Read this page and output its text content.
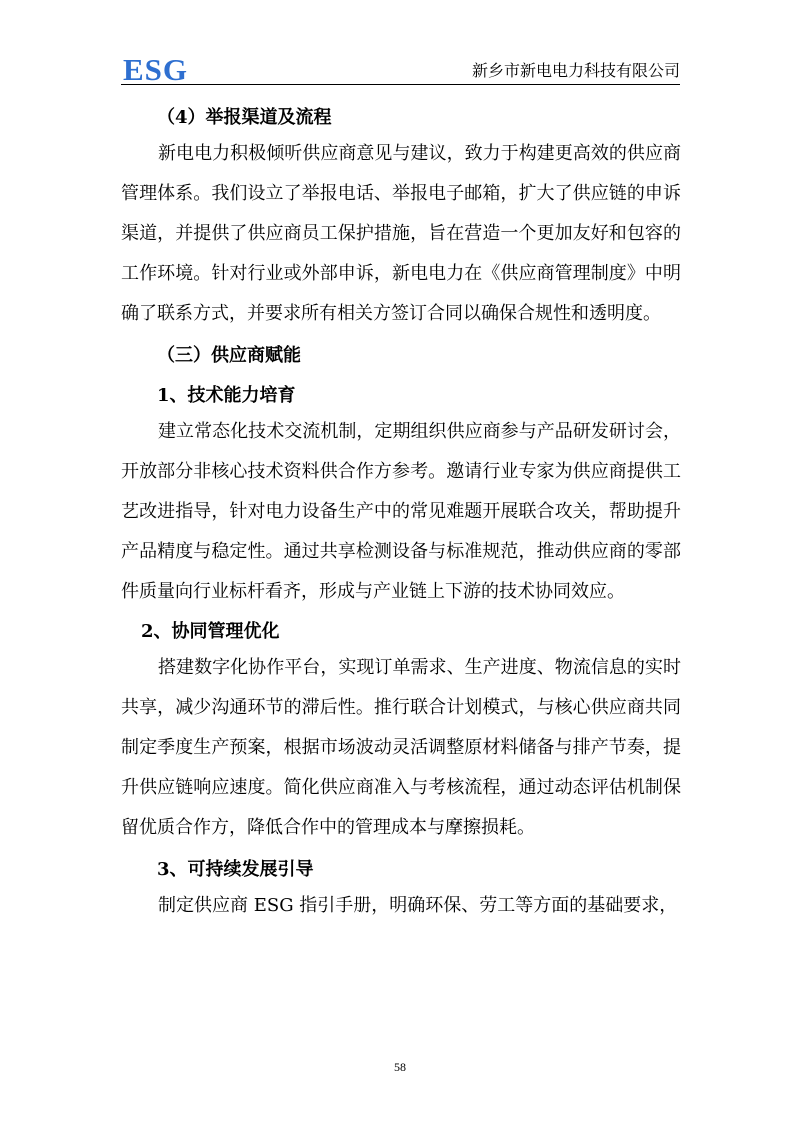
ESG	新乡市新电电力科技有限公司
（4）举报渠道及流程

新电电力积极倾听供应商意见与建议，致力于构建更高效的供应商管理体系。我们设立了举报电话、举报电子邮箱，扩大了供应链的申诉渠道，并提供了供应商员工保护措施，旨在营造一个更加友好和包容的工作环境。针对行业或外部申诉，新电电力在《供应商管理制度》中明确了联系方式，并要求所有相关方签订合同以确保合规性和透明度。

（三）供应商赋能
1、技术能力培育

建立常态化技术交流机制，定期组织供应商参与产品研发研讨会，开放部分非核心技术资料供合作方参考。邀请行业专家为供应商提供工艺改进指导，针对电力设备生产中的常见难题开展联合攻关，帮助提升产品精度与稳定性。通过共享检测设备与标准规范，推动供应商的零部件质量向行业标杆看齐，形成与产业链上下游的技术协同效应。

2、协同管理优化

搭建数字化协作平台，实现订单需求、生产进度、物流信息的实时共享，减少沟通环节的滞后性。推行联合计划模式，与核心供应商共同制定季度生产预案，根据市场波动灵活调整原材料储备与排产节奏，提升供应链响应速度。简化供应商准入与考核流程，通过动态评估机制保留优质合作方，降低合作中的管理成本与摩擦损耗。

3、可持续发展引导

制定供应商 ESG 指引手册，明确环保、劳工等方面的基础要求，

58
